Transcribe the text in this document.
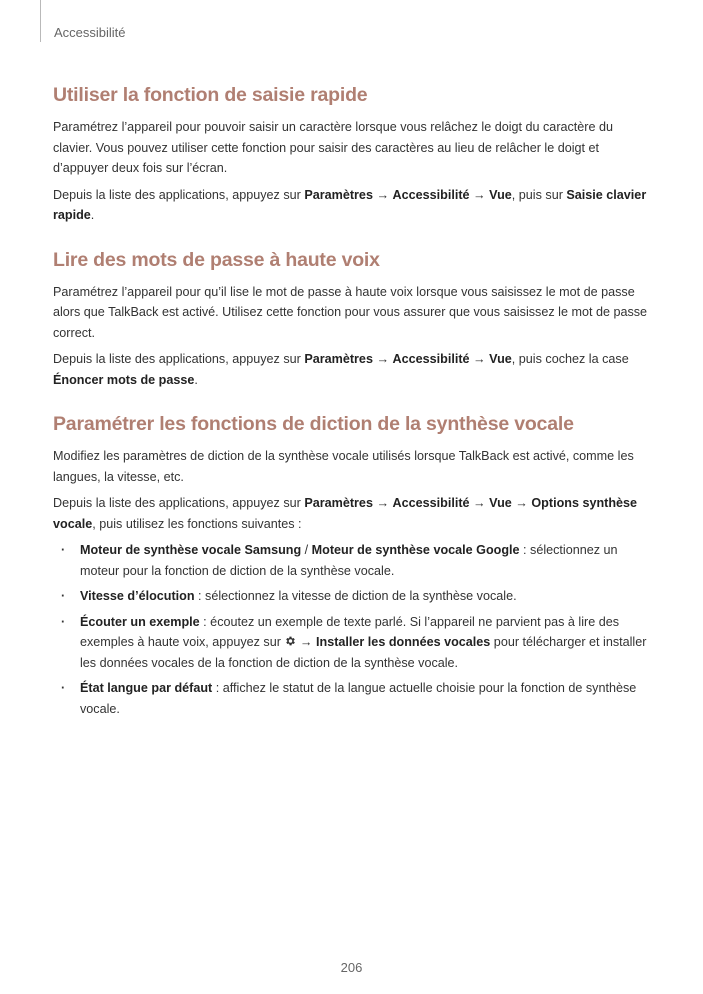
Accessibilité
Utiliser la fonction de saisie rapide

Paramétrez l’appareil pour pouvoir saisir un caractère lorsque vous relâchez le doigt du caractère du clavier. Vous pouvez utiliser cette fonction pour saisir des caractères au lieu de relâcher le doigt et d’appuyer deux fois sur l’écran.

Depuis la liste des applications, appuyez sur Paramètres → Accessibilité → Vue, puis sur Saisie clavier rapide.

Lire des mots de passe à haute voix

Paramétrez l’appareil pour qu’il lise le mot de passe à haute voix lorsque vous saisissez le mot de passe alors que TalkBack est activé. Utilisez cette fonction pour vous assurer que vous saisissez le mot de passe correct.

Depuis la liste des applications, appuyez sur Paramètres → Accessibilité → Vue, puis cochez la case Énoncer mots de passe.

Paramétrer les fonctions de diction de la synthèse vocale

Modifiez les paramètres de diction de la synthèse vocale utilisés lorsque TalkBack est activé, comme les langues, la vitesse, etc.

Depuis la liste des applications, appuyez sur Paramètres → Accessibilité → Vue → Options synthèse vocale, puis utilisez les fonctions suivantes :

· Moteur de synthèse vocale Samsung / Moteur de synthèse vocale Google : sélectionnez un moteur pour la fonction de diction de la synthèse vocale.
· Vitesse d’élocution : sélectionnez la vitesse de diction de la synthèse vocale.
· Écouter un exemple : écoutez un exemple de texte parlé. Si l’appareil ne parvient pas à lire des exemples à haute voix, appuyez sur  → Installer les données vocales pour télécharger et installer les données vocales de la fonction de diction de la synthèse vocale.
· État langue par défaut : affichez le statut de la langue actuelle choisie pour la fonction de synthèse vocale.
206
